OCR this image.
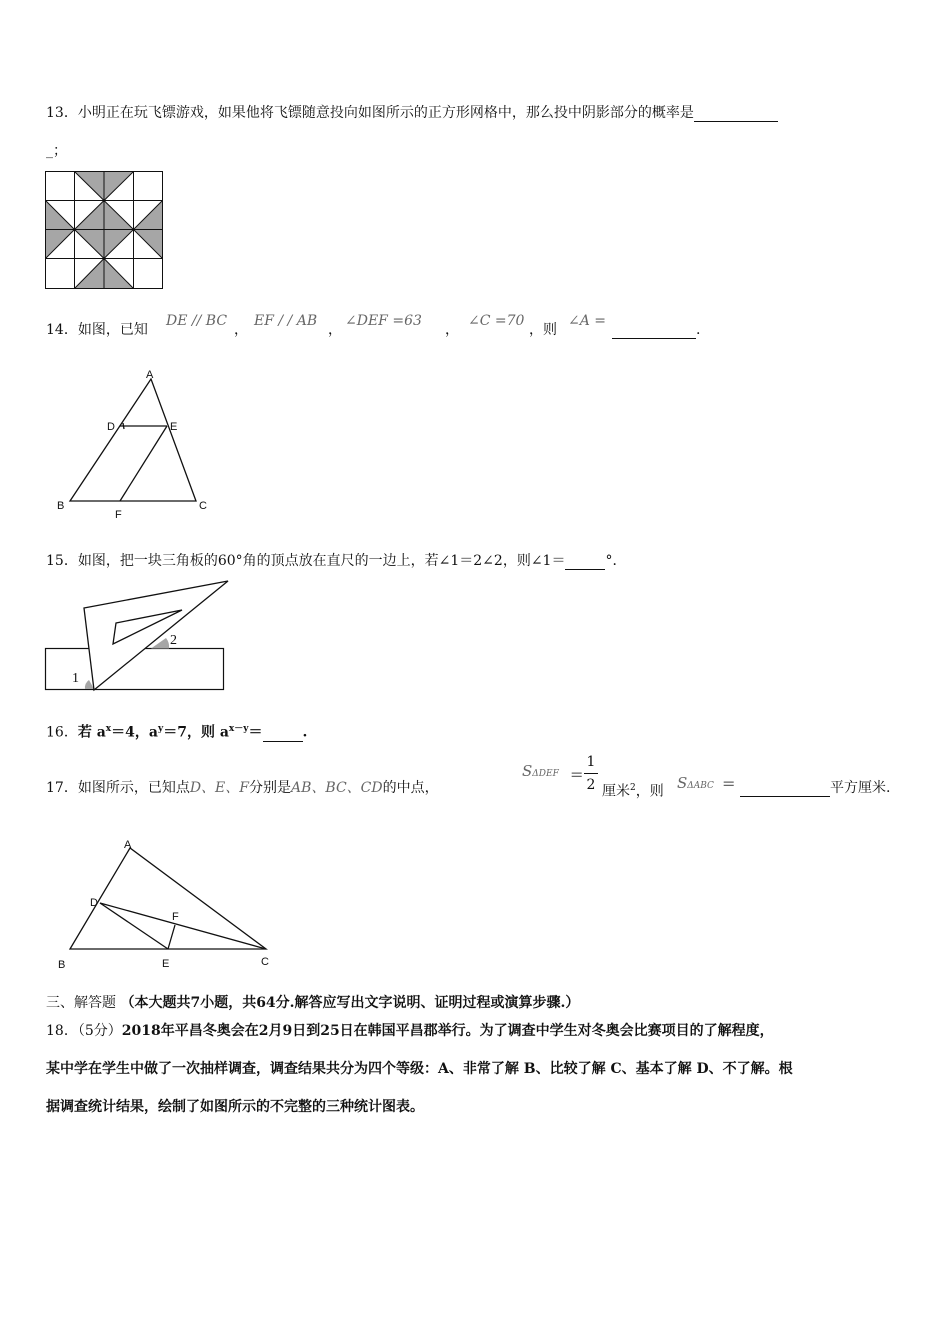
13．小明正在玩飞镖游戏，如果他将飞镖随意投向如图所示的正方形网格中，那么投中阴影部分的概率是
_；
14．如图，已知
DE // BC
，
EF / / AB
，
∠DEF =63
，
∠C =70
，则
∠A =
.
A
D	E
B
F
C
15．如图，把一块三角板的60°角的顶点放在直尺的一边上，若∠1＝2∠2，则∠1＝	°．
1
2
16．若 $a^x=4$，$a^y=7$，则 $a^{x-y}=$	.
17．如图所示，已知点D、E、F分别是AB、BC、CD的中点，
$S\Delta DEF = \frac{1}{2}$ 厘米$^2$，则 SΔABC =	平方厘米.
A
D
F
B	E	C
三、解答题 （本大题共7小题，共64分.解答应写出文字说明、证明过程或演算步骤.）
18．（5分）2018年平昌冬奥会在2月9日到25日在韩国平昌郡举行。为了调查中学生对冬奥会比赛项目的了解程度，
某中学在学生中做了一次抽样调查，调查结果共分为四个等级：A、非常了解 B、比较了解 C、基本了解 D、不了解。根
据调查统计结果，绘制了如图所示的不完整的三种统计图表。
